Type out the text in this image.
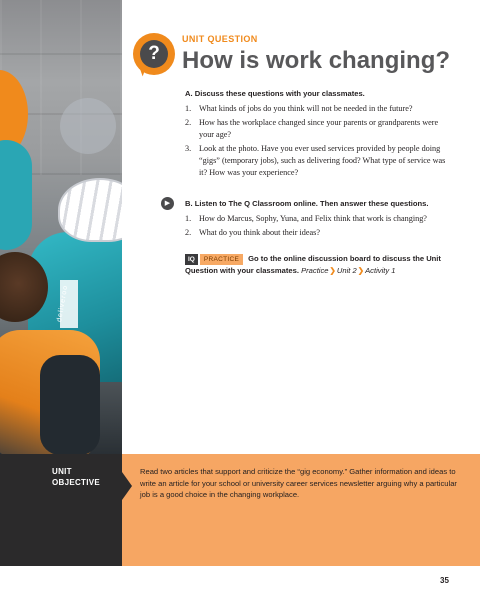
deliveroo
?
UNIT QUESTION
How is work changing?
A. Discuss these questions with your classmates.
1. What kinds of jobs do you think will not be needed in the future?
2. How has the workplace changed since your parents or grandparents were your age?
3. Look at the photo. Have you ever used services provided by people doing “gigs” (temporary jobs), such as delivering food? What type of service was it? How was your experience?
▶	B. Listen to The Q Classroom online. Then answer these questions.
1. How do Marcus, Sophy, Yuna, and Felix think that work is changing?
2. What do you think about their ideas?
IQ PRACTICE Go to the online discussion board to discuss the Unit Question with your classmates. Practice❯Unit 2❯Activity 1
UNIT
OBJECTIVE
Read two articles that support and criticize the “gig economy.” Gather information and ideas to write an article for your school or university career services newsletter arguing why a particular job is a good choice in the changing workplace.
35
